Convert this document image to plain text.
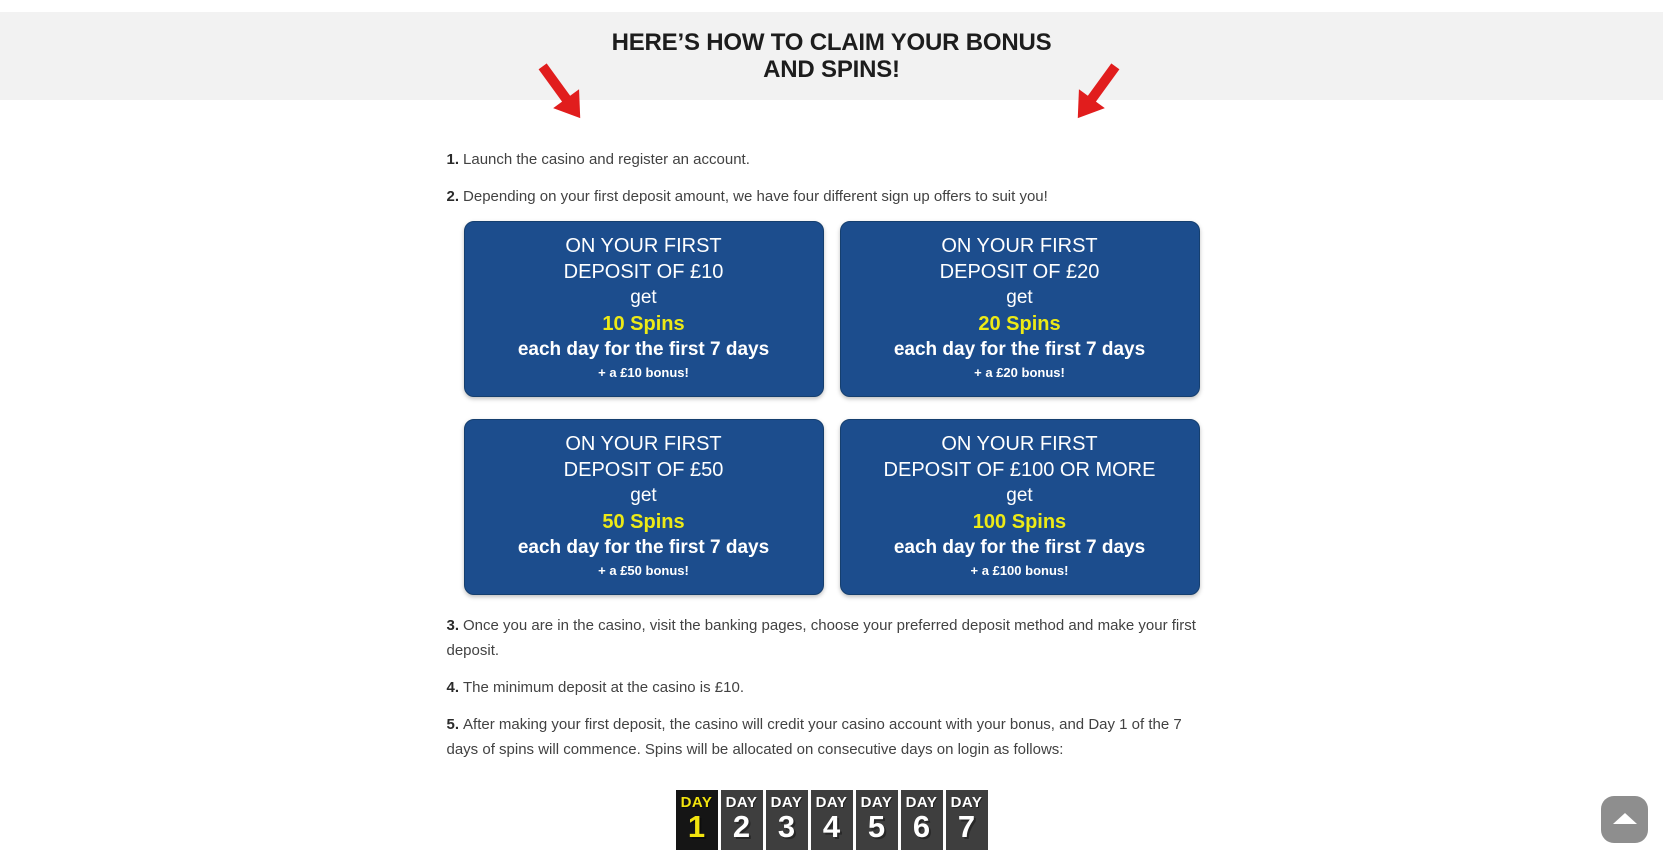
HERE’S HOW TO CLAIM YOUR BONUS
AND SPINS!

1. Launch the casino and register an account.

2. Depending on your first deposit amount, we have four different sign up offers to suit you!

ON YOUR FIRST
DEPOSIT OF £10
get
10 Spins
each day for the first 7 days
+ a £10 bonus!
ON YOUR FIRST
DEPOSIT OF £20
get
20 Spins
each day for the first 7 days
+ a £20 bonus!
ON YOUR FIRST
DEPOSIT OF £50
get
50 Spins
each day for the first 7 days
+ a £50 bonus!
ON YOUR FIRST
DEPOSIT OF £100 OR MORE
get
100 Spins
each day for the first 7 days
+ a £100 bonus!

3. Once you are in the casino, visit the banking pages, choose your preferred deposit method and make your first deposit.

4. The minimum deposit at the casino is £10.

5. After making your first deposit, the casino will credit your casino account with your bonus, and Day 1 of the 7 days of spins will commence. Spins will be allocated on consecutive days on login as follows:

DAY
1
DAY
2
DAY
3
DAY
4
DAY
5
DAY
6
DAY
7
